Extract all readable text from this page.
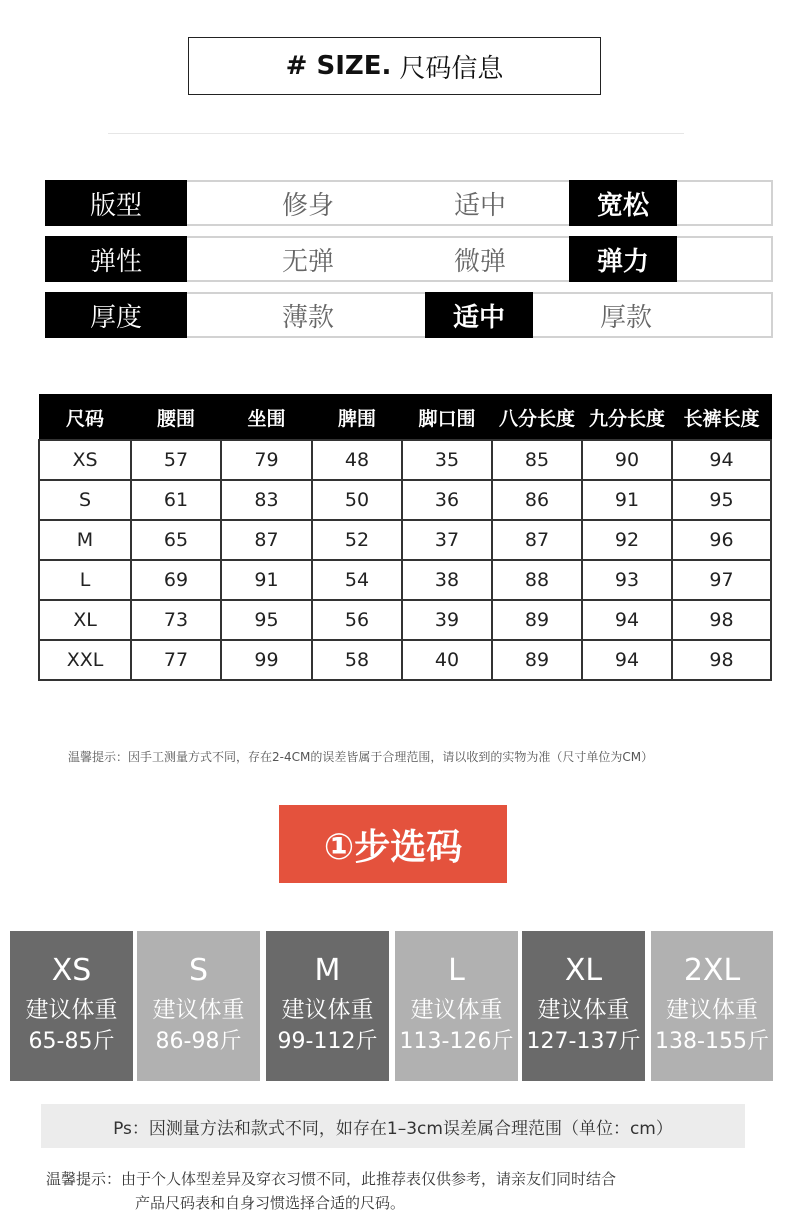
# SIZE. 尺码信息
版型	修身	适中	宽松
弹性	无弹	微弹	弹力
厚度	薄款	适中	厚款
尺码	腰围	坐围	脾围	脚口围	八分长度	九分长度	长裤长度
XS	57	79	48	35	85	90	94
S	61	83	50	36	86	91	95
M	65	87	52	37	87	92	96
L	69	91	54	38	88	93	97
XL	73	95	56	39	89	94	98
XXL	77	99	58	40	89	94	98
温馨提示：因手工测量方式不同，存在2-4CM的误差皆属于合理范围，请以收到的实物为准（尺寸单位为CM）
①步选码
XS
建议体重
65-85斤
S
建议体重
86-98斤
M
建议体重
99-112斤
L
建议体重
113-126斤
XL
建议体重
127-137斤
2XL
建议体重
138-155斤
Ps：因测量方法和款式不同，如存在1–3cm误差属合理范围（单位：cm）
温馨提示：由于个人体型差异及穿衣习惯不同，此推荐表仅供参考，请亲友们同时结合
产品尺码表和自身习惯选择合适的尺码。
